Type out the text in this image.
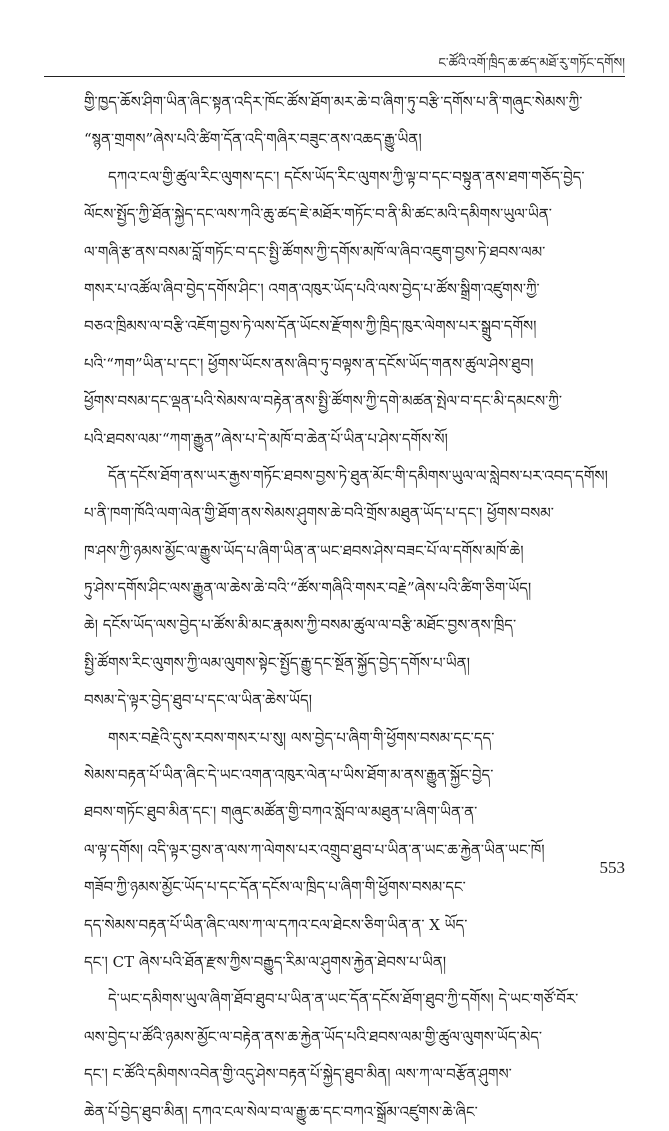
ང་ཚོའི་འགོ་ཁྲིད་ཆ་ཚད་མཐོ་རུ་གཏོང་དགོས།
གྱི་ཁྱད་ཆོས་ཤིག་ཡིན་ཞིང་སྟན་འདིར་ཁོང་ཚོས་ཐོག་མར་ཆེ་བ་ཞིག་ཏུ་བརྩི་དགོས་པ་ནི་གཞུང་སེམས་ཀྱི་
“སྙན་གྲགས”ཞེས་པའི་ཚིག་དོན་འདི་གཞིར་བཟུང་ནས་འཆད་རྒྱུ་ཡིན།
དཀའ་ངལ་གྱི་ཚུལ་རིང་ལུགས་དང་། དངོས་ཡོད་རིང་ལུགས་ཀྱི་ལྟ་བ་དང་བསྟུན་ནས་ཐག་གཅོད་བྱེད་
ལོངས་སྤྱོད་ཀྱི་ཐོན་སྐྱེད་དང་ལས་ཀའི་ཆུ་ཚད་ཇེ་མཐོར་གཏོང་བ་ནི་མི་ཚང་མའི་དམིགས་ཡུལ་ཡིན་
ལ་གཞི་རྩ་ནས་བསམ་བློ་གཏོང་བ་དང་སྤྱི་ཚོགས་ཀྱི་དགོས་མཁོ་ལ་ཞིབ་འཇུག་བྱས་ཏེ་ཐབས་ལམ་
གསར་པ་འཚོལ་ཞིབ་བྱེད་དགོས་ཤིང་། འགན་འཁུར་ཡོད་པའི་ལས་བྱེད་པ་ཚོས་སྒྲིག་འཛུགས་ཀྱི་
བཅའ་ཁྲིམས་ལ་བརྩི་འཇོག་བྱས་ཏེ་ལས་དོན་ཡོངས་རྫོགས་ཀྱི་ཁྲིད་ཁུར་ལེགས་པར་སྒྲུབ་དགོས།
པའི་“ཀག”ཡིན་པ་དང་། ཕྱོགས་ཡོངས་ནས་ཞིབ་ཏུ་བལྟས་ན་དངོས་ཡོད་གནས་ཚུལ་ཤེས་ཐུབ།
ཕྱོགས་བསམ་དང་ལྡན་པའི་སེམས་ལ་བརྟེན་ནས་སྤྱི་ཚོགས་ཀྱི་དགེ་མཚན་སྤེལ་བ་དང་མི་དམངས་ཀྱི་
པའི་ཐབས་ལམ་“ཀག་རྒྱུན”ཞེས་པ་དེ་མཁོ་བ་ཆེན་པོ་ཡིན་པ་ཤེས་དགོས་སོ།
དོན་དངོས་ཐོག་ནས་ཡར་རྒྱས་གཏོང་ཐབས་བྱས་ཏེ་ཐུན་མོང་གི་དམིགས་ཡུལ་ལ་སླེབས་པར་འབད་དགོས།
པ་ནི་ཁག་ཁོའི་ལག་ལེན་གྱི་ཐོག་ནས་སེམས་ཤུགས་ཆེ་བའི་གྲོས་མཐུན་ཡོད་པ་དང་། ཕྱོགས་བསམ་
ཁ་ཤས་ཀྱི་ཉམས་མྱོང་ལ་རྒྱུས་ཡོད་པ་ཞིག་ཡིན་ན་ཡང་ཐབས་ཤེས་བཟང་པོ་ལ་དགོས་མཁོ་ཆེ།
ཏུ་ཤེས་དགོས་ཤིང་ལས་རྒྱུན་ལ་ཆེས་ཆེ་བའི་“ཚོས་གཞིའི་གསར་བརྗེ”ཞེས་པའི་ཚིག་ཅིག་ཡོད།
ཆེ། དངོས་ཡོད་ལས་བྱེད་པ་ཚོས་མི་མང་རྣམས་ཀྱི་བསམ་ཚུལ་ལ་བརྩི་མཐོང་བྱས་ནས་ཁྲིད་
སྤྱི་ཚོགས་རིང་ལུགས་ཀྱི་ལམ་ལུགས་སྟེང་སྤྱོད་རྒྱུ་དང་སྔོན་སྐྱོད་བྱེད་དགོས་པ་ཡིན།
བསམ་དེ་ལྟར་བྱེད་ཐུབ་པ་དང་ལ་ཡིན་ཆེས་ཡོད།
གསར་བརྗེའི་དུས་རབས་གསར་པ་སུ། ལས་བྱེད་པ་ཞིག་གི་ཕྱོགས་བསམ་དང་དད་
སེམས་བརྟན་པོ་ཡིན་ཞིང་དེ་ཡང་འགན་འཁུར་ལེན་པ་ཡིས་ཐོག་མ་ནས་རྒྱུན་སྐྱོང་བྱེད་
ཐབས་གཏོང་ཐུབ་མིན་དང་། གཞུང་མཚོན་གྱི་བཀའ་སློབ་ལ་མཐུན་པ་ཞིག་ཡིན་ན་
ལ་ལྟ་དགོས། འདི་ལྟར་བྱས་ན་ལས་ཀ་ལེགས་པར་འགྲུབ་ཐུབ་པ་ཡིན་ན་ཡང་ཆ་རྐྱེན་ཡིན་ཡང་ཁོ།
གཟོབ་ཀྱི་ཉམས་མྱོང་ཡོད་པ་དང་དོན་དངོས་ལ་ཁྲིད་པ་ཞིག་གི་ཕྱོགས་བསམ་དང་
དད་སེམས་བརྟན་པོ་ཡིན་ཞིང་ལས་ཀ་ལ་དཀའ་ངལ་ཐེངས་ཅིག་ཡིན་ན་ X ཡོད་
དང་། CT ཞེས་པའི་ཐོན་རྫས་ཀྱིས་བརྒྱུད་རིམ་ལ་ཤུགས་རྐྱེན་ཐེབས་པ་ཡིན།
དེ་ཡང་དམིགས་ཡུལ་ཞིག་ཐོབ་ཐུབ་པ་ཡིན་ན་ཡང་དོན་དངོས་ཐོག་ཐུབ་ཀྱི་དགོས། དེ་ཡང་གཙོ་བོར་
ལས་བྱེད་པ་ཚོའི་ཉམས་མྱོང་ལ་བརྟེན་ནས་ཆ་རྐྱེན་ཡོད་པའི་ཐབས་ལམ་གྱི་ཚུལ་ལུགས་ཡོད་མེད་
དང་། ང་ཚོའི་དམིགས་འབེན་གྱི་འདུ་ཤེས་བརྟན་པོ་སྐྱེད་ཐུབ་མིན། ལས་ཀ་ལ་བརྩོན་ཤུགས་
ཆེན་པོ་བྱེད་ཐུབ་མིན། དཀའ་ངལ་སེལ་བ་ལ་རྒྱུ་ཆ་དང་བཀའ་སྒྲོམ་འཛུགས་ཆེ་ཞིང་
553
